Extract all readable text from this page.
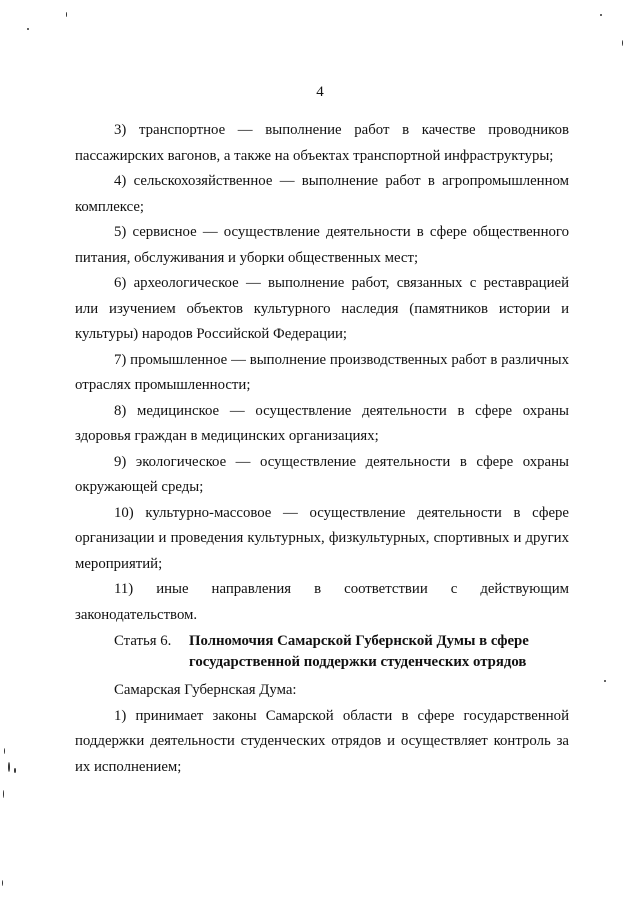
4

3) транспортное — выполнение работ в качестве проводников пассажирских вагонов, а также на объектах транспортной инфраструктуры;

4) сельскохозяйственное — выполнение работ в агропромышленном комплексе;

5) сервисное — осуществление деятельности в сфере общественного питания, обслуживания и уборки общественных мест;

6) археологическое — выполнение работ, связанных с реставрацией или изучением объектов культурного наследия (памятников истории и культуры) народов Российской Федерации;

7) промышленное — выполнение производственных работ в различных отраслях промышленности;

8) медицинское — осуществление деятельности в сфере охраны здоровья граждан в медицинских организациях;

9) экологическое — осуществление деятельности в сфере охраны окружающей среды;

10) культурно-массовое — осуществление деятельности в сфере организации и проведения культурных, физкультурных, спортивных и других мероприятий;

11) иные направления в соответствии с действующим законодательством.

Статья 6.	Полномочия Самарской Губернской Думы в сфере государственной поддержки студенческих отрядов

Самарская Губернская Дума:

1) принимает законы Самарской области в сфере государственной поддержки деятельности студенческих отрядов и осуществляет контроль за их исполнением;
